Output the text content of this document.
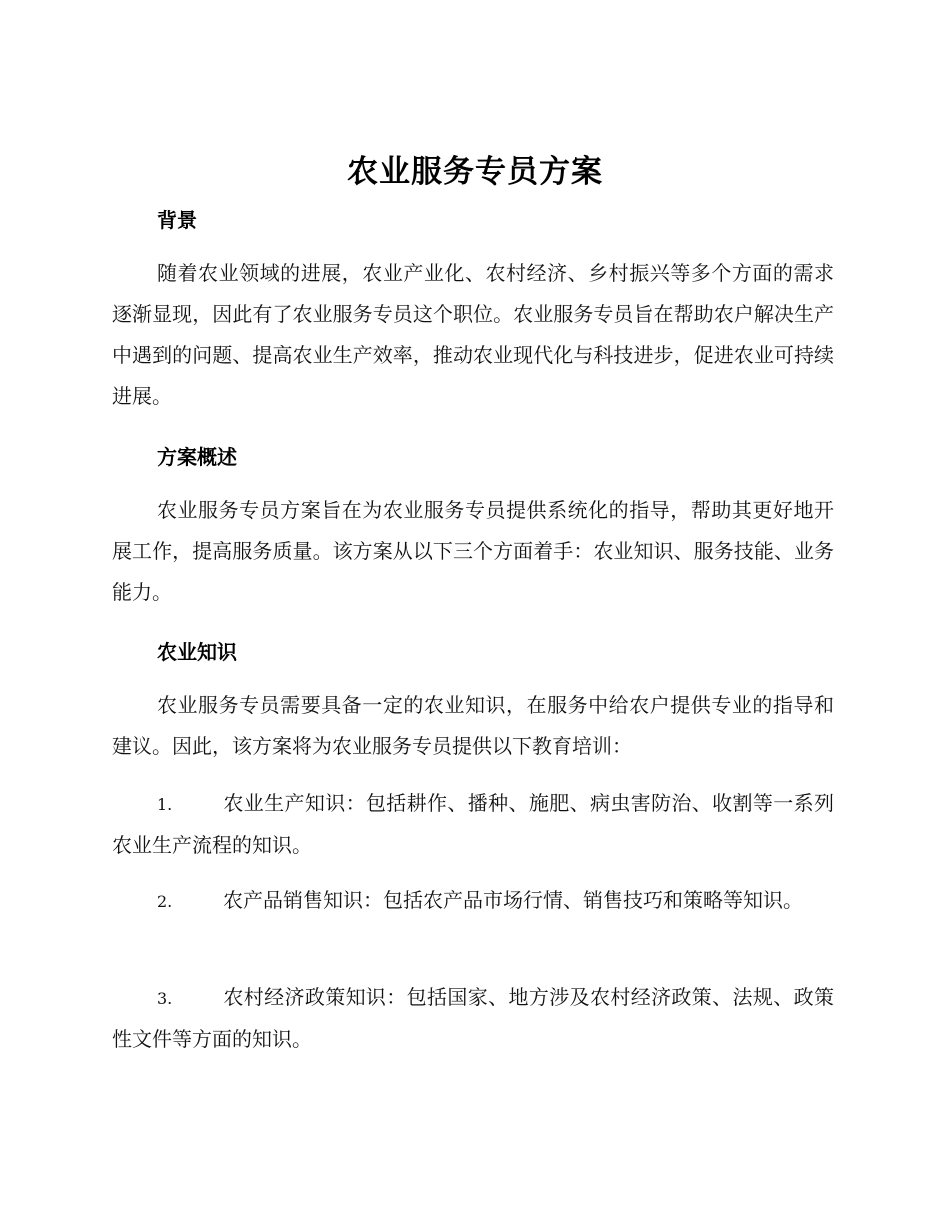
农业服务专员方案
背景

随着农业领域的进展，农业产业化、农村经济、乡村振兴等多个方面的需求逐渐显现，因此有了农业服务专员这个职位。农业服务专员旨在帮助农户解决生产中遇到的问题、提高农业生产效率，推动农业现代化与科技进步，促进农业可持续进展。

方案概述

农业服务专员方案旨在为农业服务专员提供系统化的指导，帮助其更好地开展工作，提高服务质量。该方案从以下三个方面着手：农业知识、服务技能、业务能力。

农业知识

农业服务专员需要具备一定的农业知识，在服务中给农户提供专业的指导和建议。因此，该方案将为农业服务专员提供以下教育培训：

1.	农业生产知识：包括耕作、播种、施肥、病虫害防治、收割等一系列农业生产流程的知识。

2.	农产品销售知识：包括农产品市场行情、销售技巧和策略等知识。

3.	农村经济政策知识：包括国家、地方涉及农村经济政策、法规、政策性文件等方面的知识。
